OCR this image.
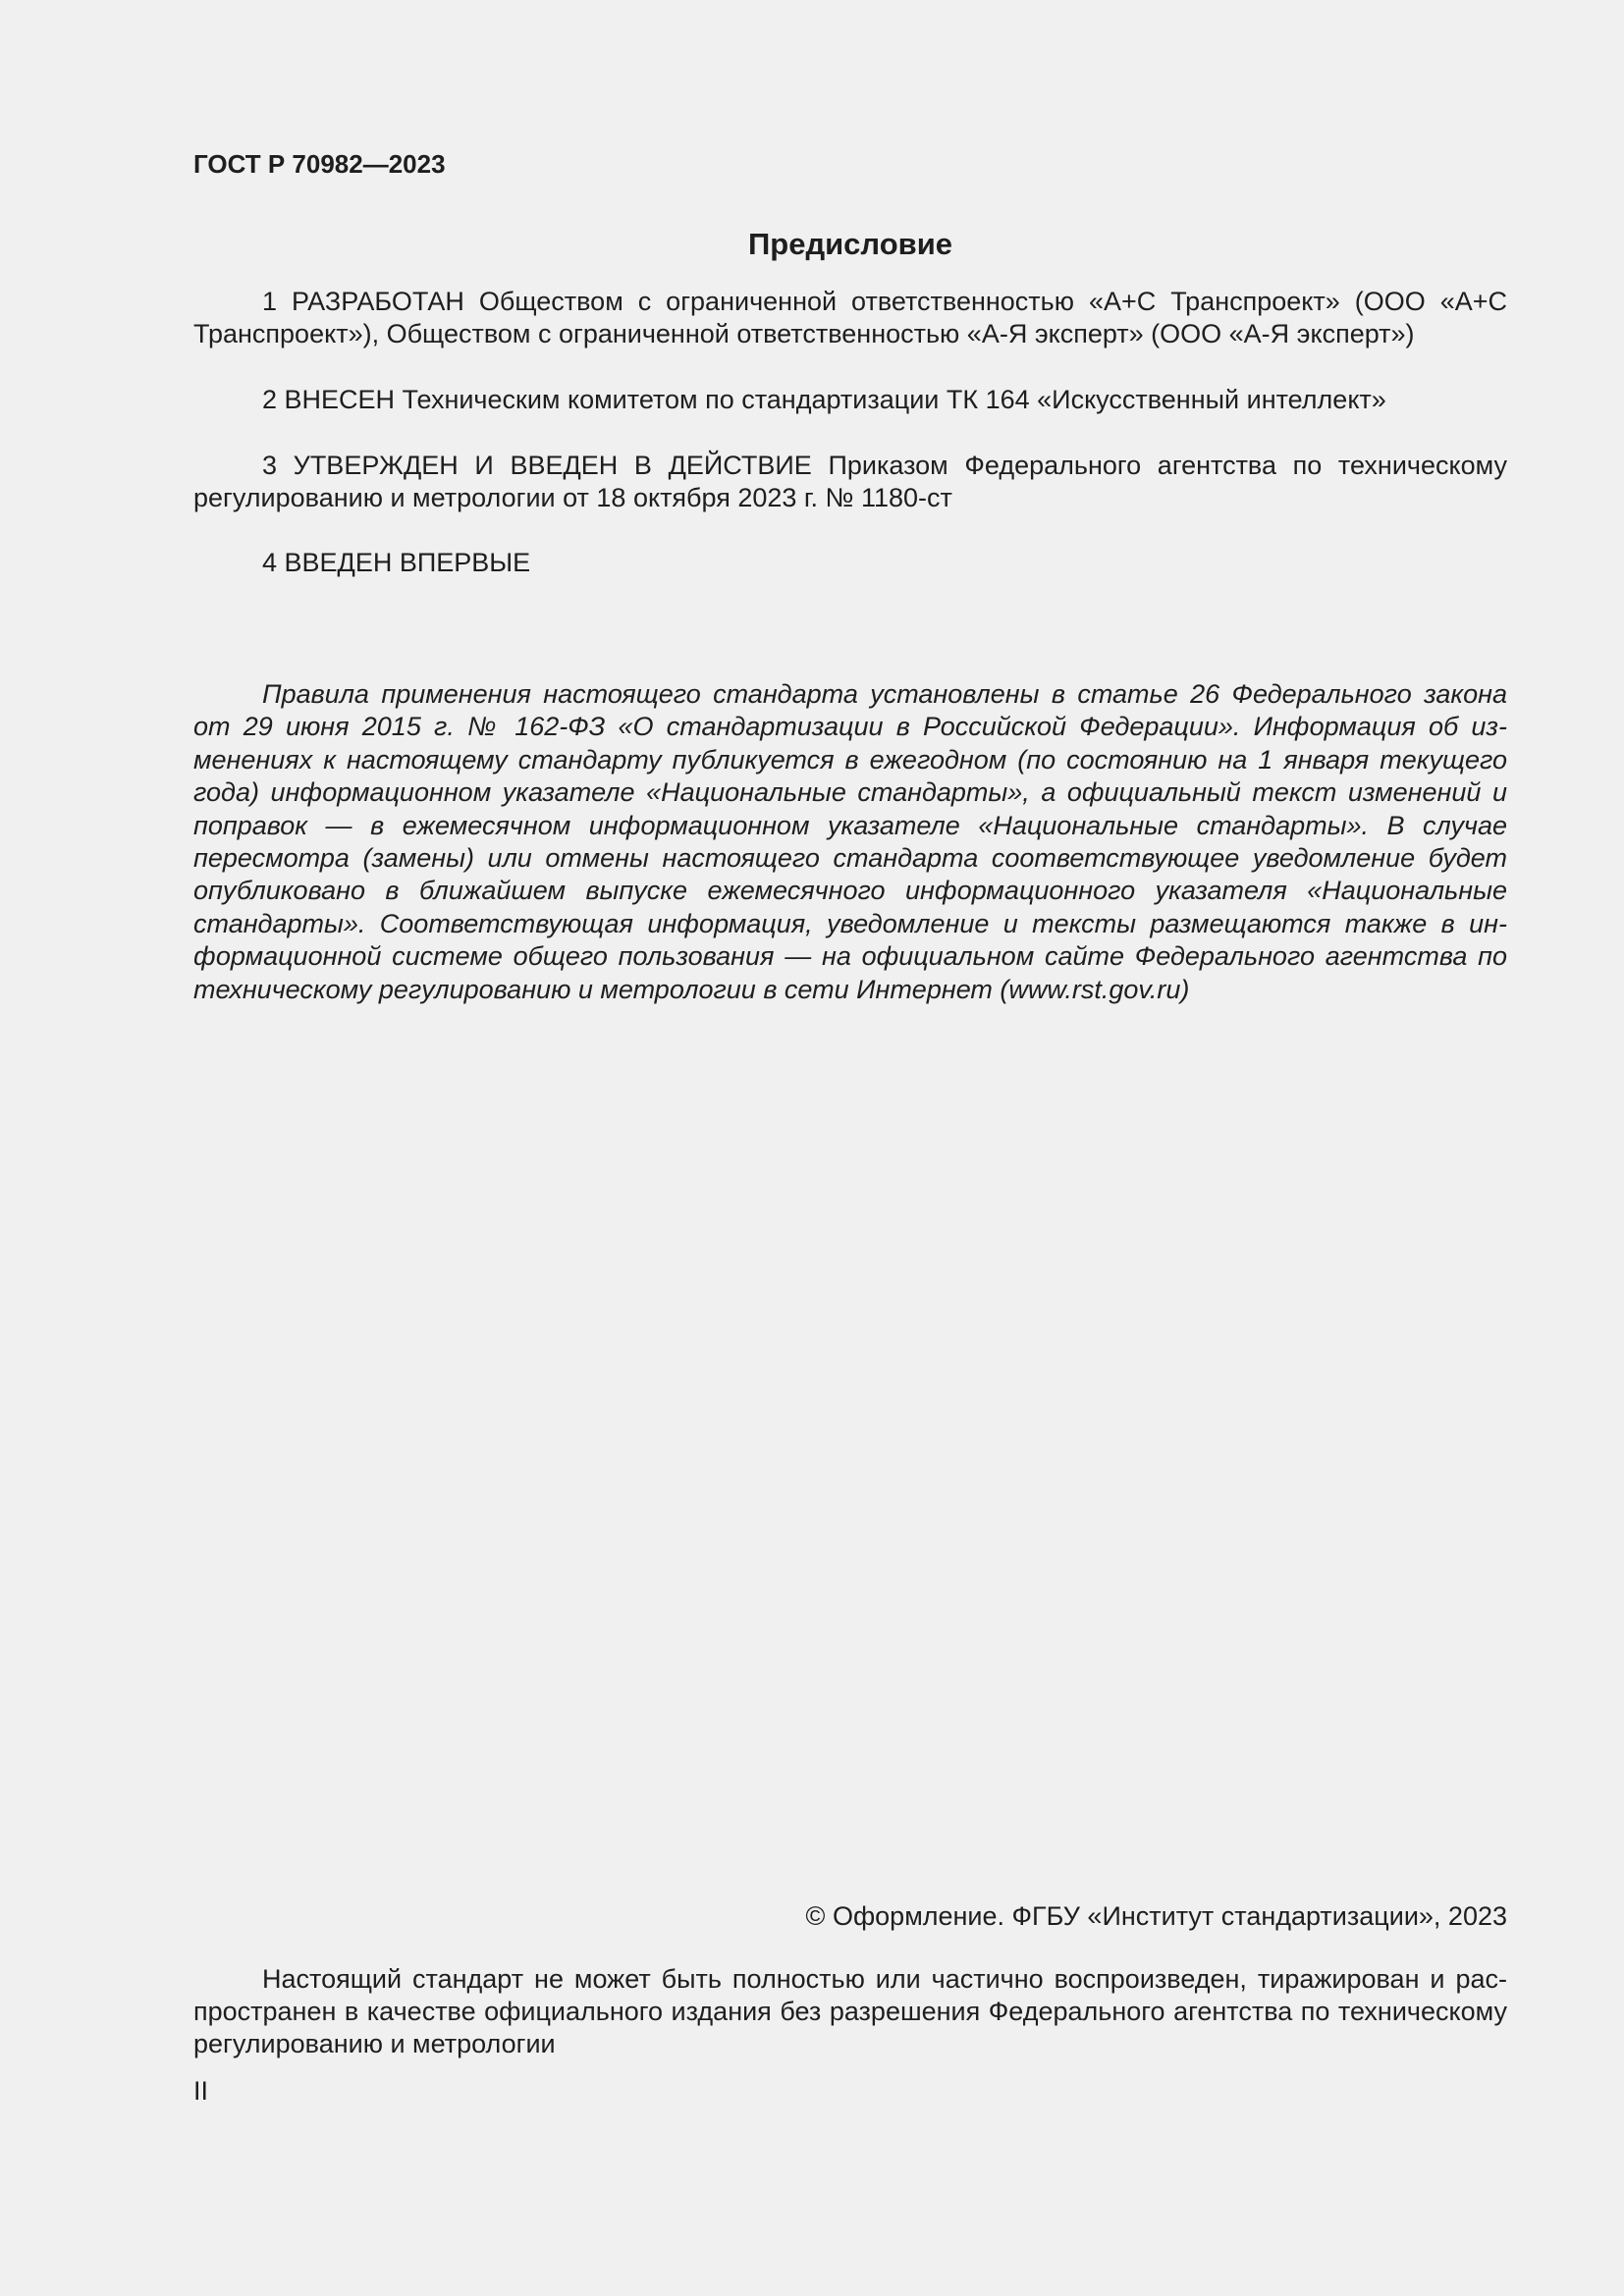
ГОСТ Р 70982—2023
Предисловие

1 РАЗРАБОТАН Обществом с ограниченной ответственностью «А+С Транспроект» (ООО «А+С Транспроект»), Обществом с ограниченной ответственностью «А-Я эксперт» (ООО «А-Я эксперт»)

2 ВНЕСЕН Техническим комитетом по стандартизации ТК 164 «Искусственный интеллект»

3 УТВЕРЖДЕН И ВВЕДЕН В ДЕЙСТВИЕ Приказом Федерального агентства по техническому регулированию и метрологии от 18 октября 2023 г. № 1180-ст

4 ВВЕДЕН ВПЕРВЫЕ

Правила применения настоящего стандарта установлены в статье 26 Федерального закона от 29 июня 2015 г. № 162-ФЗ «О стандартизации в Российской Федерации». Информация об изменениях к настоящему стандарту публикуется в ежегодном (по состоянию на 1 января текущего года) информационном указателе «Национальные стандарты», а официальный текст изменений и поправок — в ежемесячном информационном указателе «Национальные стандарты». В случае пересмотра (замены) или отмены настоящего стандарта соответствующее уведомление будет опубликовано в ближайшем выпуске ежемесячного информационного указателя «Национальные стандарты». Соответствующая информация, уведомление и тексты размещаются также в информационной системе общего пользования — на официальном сайте Федерального агентства по техническому регулированию и метрологии в сети Интернет (www.rst.gov.ru)

© Оформление. ФГБУ «Институт стандартизации», 2023

Настоящий стандарт не может быть полностью или частично воспроизведен, тиражирован и распространен в качестве официального издания без разрешения Федерального агентства по техническому регулированию и метрологии

II
